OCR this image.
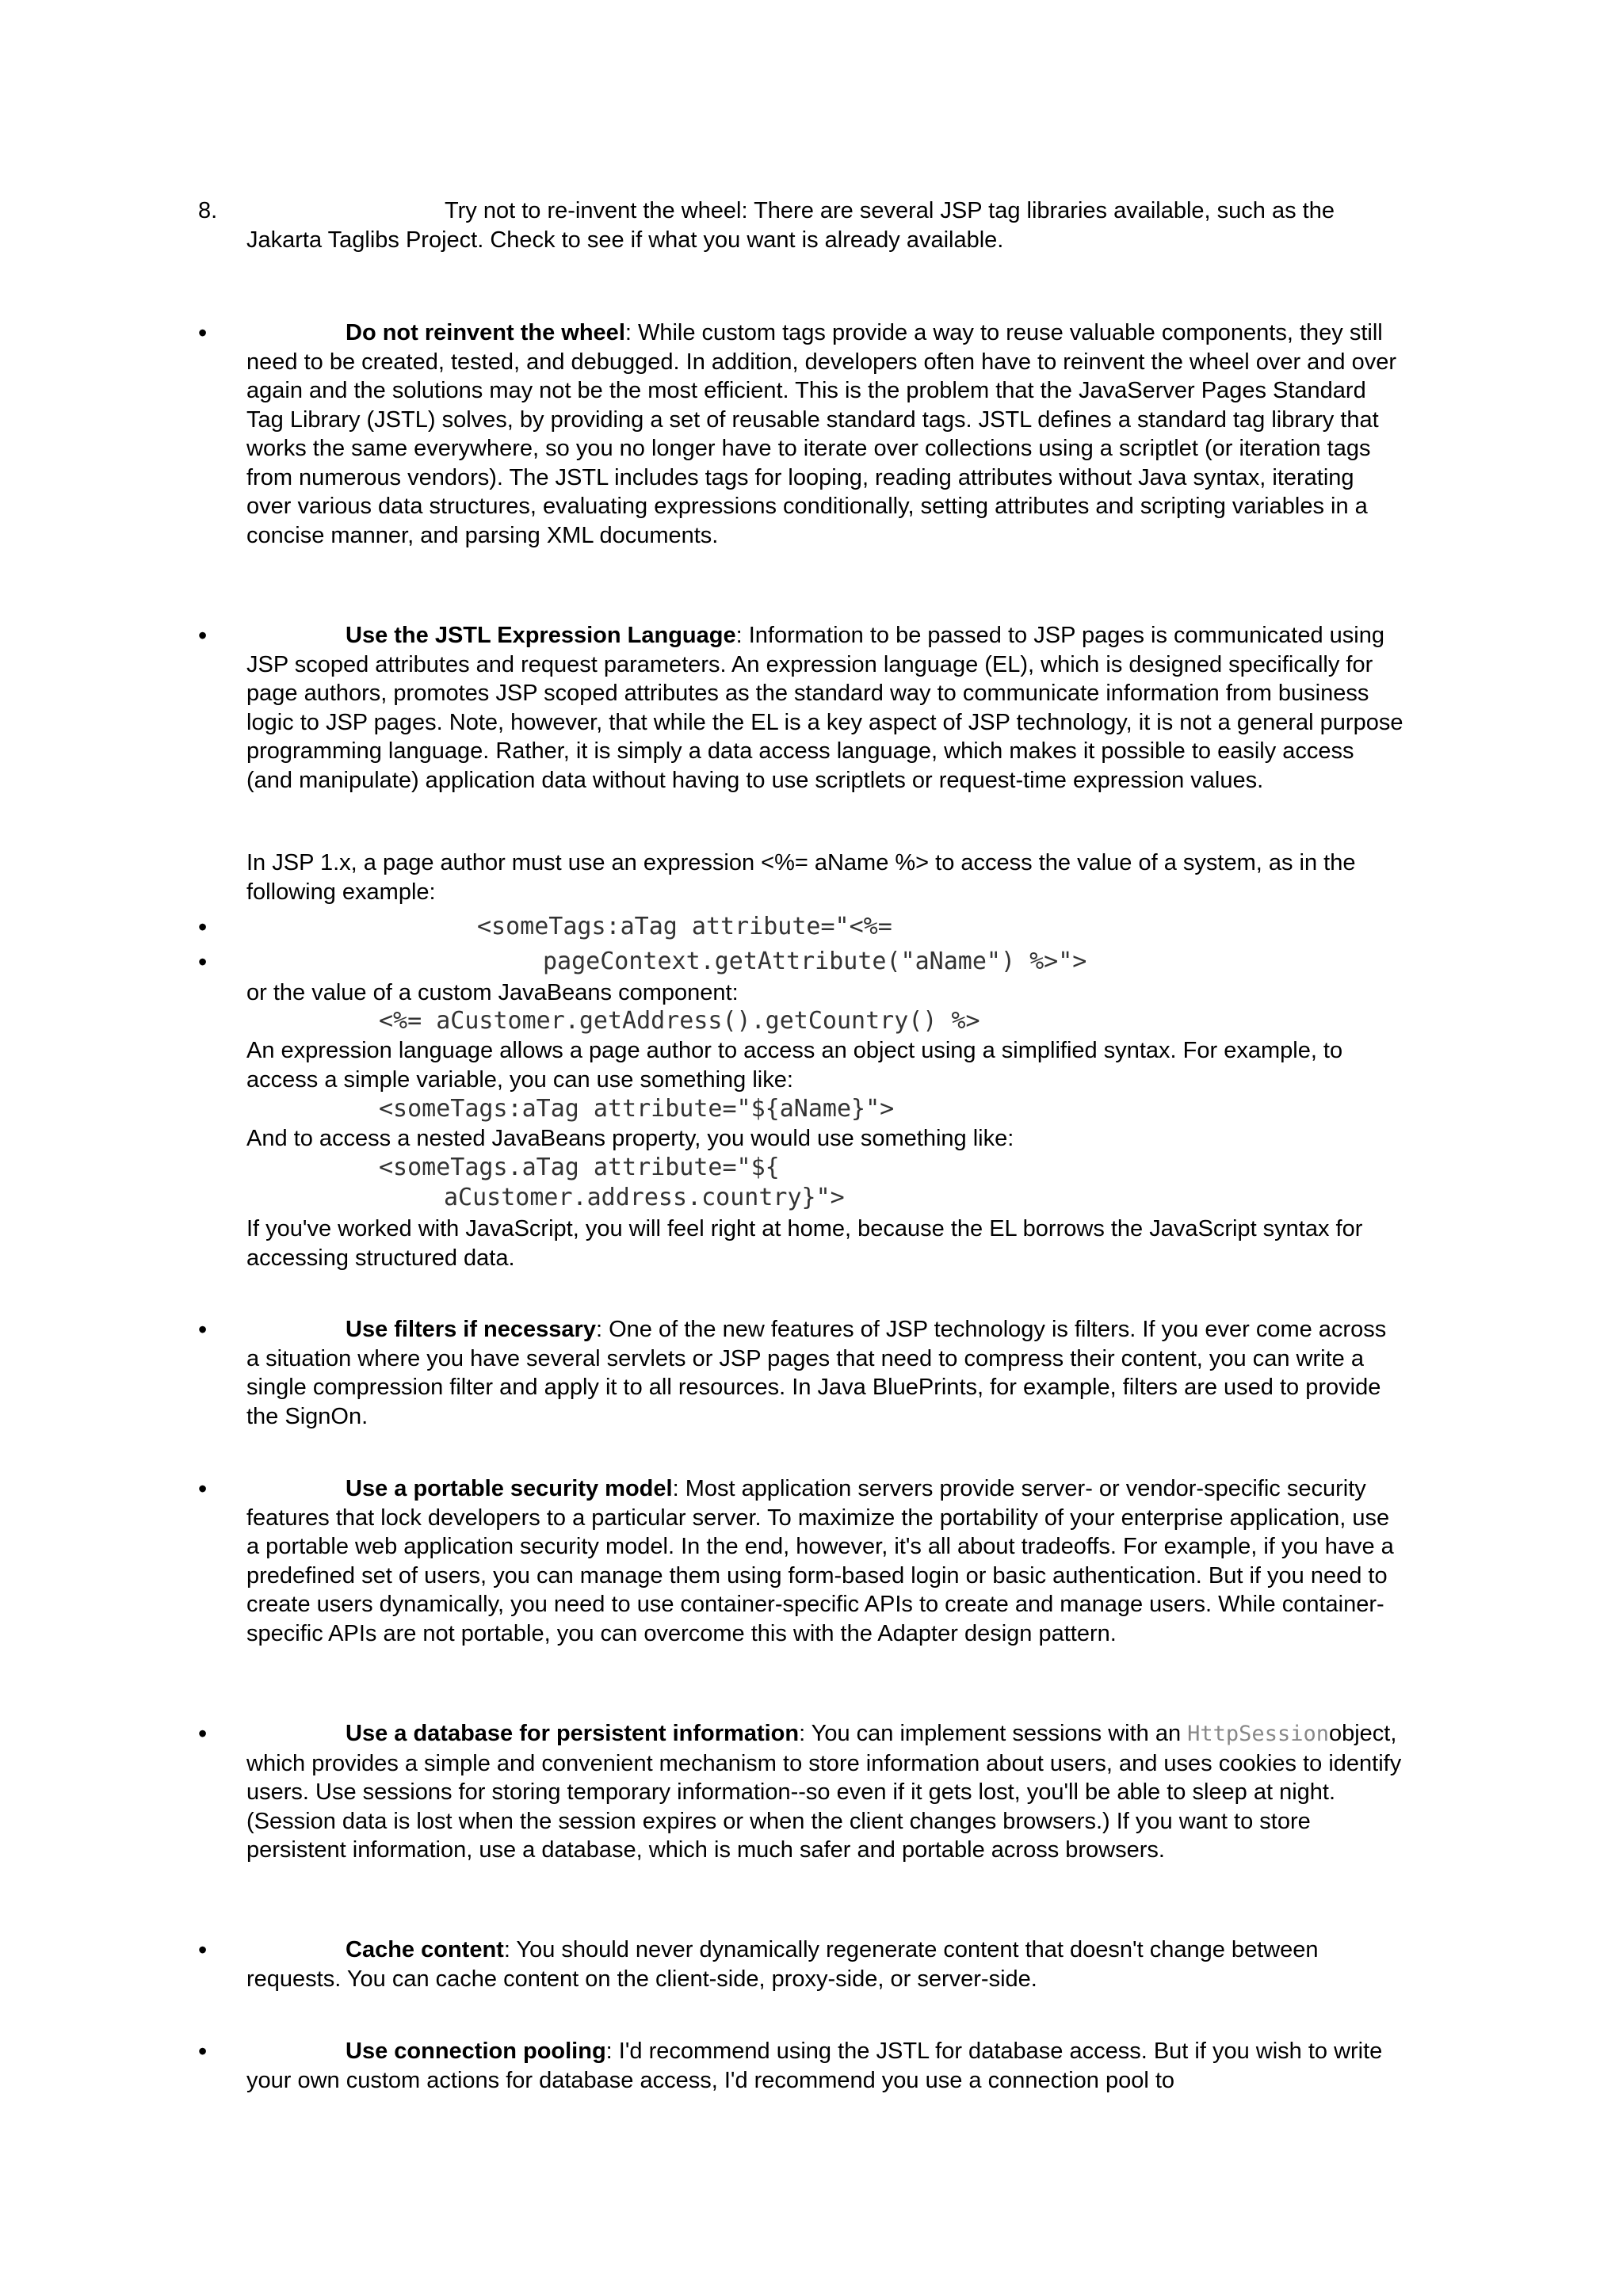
8.	Try not to re-invent the wheel: There are several JSP tag libraries available, such as the Jakarta Taglibs Project. Check to see if what you want is already available.

•	Do not reinvent the wheel: While custom tags provide a way to reuse valuable components, they still need to be created, tested, and debugged. In addition, developers often have to reinvent the wheel over and over again and the solutions may not be the most efficient. This is the problem that the JavaServer Pages Standard Tag Library (JSTL) solves, by providing a set of reusable standard tags. JSTL defines a standard tag library that works the same everywhere, so you no longer have to iterate over collections using a scriptlet (or iteration tags from numerous vendors). The JSTL includes tags for looping, reading attributes without Java syntax, iterating over various data structures, evaluating expressions conditionally, setting attributes and scripting variables in a concise manner, and parsing XML documents.

•	Use the JSTL Expression Language: Information to be passed to JSP pages is communicated using JSP scoped attributes and request parameters. An expression language (EL), which is designed specifically for page authors, promotes JSP scoped attributes as the standard way to communicate information from business logic to JSP pages. Note, however, that while the EL is a key aspect of JSP technology, it is not a general purpose programming language. Rather, it is simply a data access language, which makes it possible to easily access (and manipulate) application data without having to use scriptlets or request-time expression values.

In JSP 1.x, a page author must use an expression <%= aName %> to access the value of a system, as in the following example:

•	<someTags:aTag attribute="<%=
•	pageContext.getAttribute("aName") %>">

or the value of a custom JavaBeans component:

<%= aCustomer.getAddress().getCountry() %>

An expression language allows a page author to access an object using a simplified syntax. For example, to access a simple variable, you can use something like:

<someTags:aTag attribute="${aName}">

And to access a nested JavaBeans property, you would use something like:

<someTags.aTag attribute="${
aCustomer.address.country}">

If you've worked with JavaScript, you will feel right at home, because the EL borrows the JavaScript syntax for accessing structured data.

•	Use filters if necessary: One of the new features of JSP technology is filters. If you ever come across a situation where you have several servlets or JSP pages that need to compress their content, you can write a single compression filter and apply it to all resources. In Java BluePrints, for example, filters are used to provide the SignOn.

•	Use a portable security model: Most application servers provide server- or vendor-specific security features that lock developers to a particular server. To maximize the portability of your enterprise application, use a portable web application security model. In the end, however, it's all about tradeoffs. For example, if you have a predefined set of users, you can manage them using form-based login or basic authentication. But if you need to create users dynamically, you need to use container-specific APIs to create and manage users. While container-specific APIs are not portable, you can overcome this with the Adapter design pattern.

•	Use a database for persistent information: You can implement sessions with an HttpSessionobject, which provides a simple and convenient mechanism to store information about users, and uses cookies to identify users. Use sessions for storing temporary information--so even if it gets lost, you'll be able to sleep at night. (Session data is lost when the session expires or when the client changes browsers.) If you want to store persistent information, use a database, which is much safer and portable across browsers.

•	Cache content: You should never dynamically regenerate content that doesn't change between requests. You can cache content on the client-side, proxy-side, or server-side.

•	Use connection pooling: I'd recommend using the JSTL for database access. But if you wish to write your own custom actions for database access, I'd recommend you use a connection pool to
